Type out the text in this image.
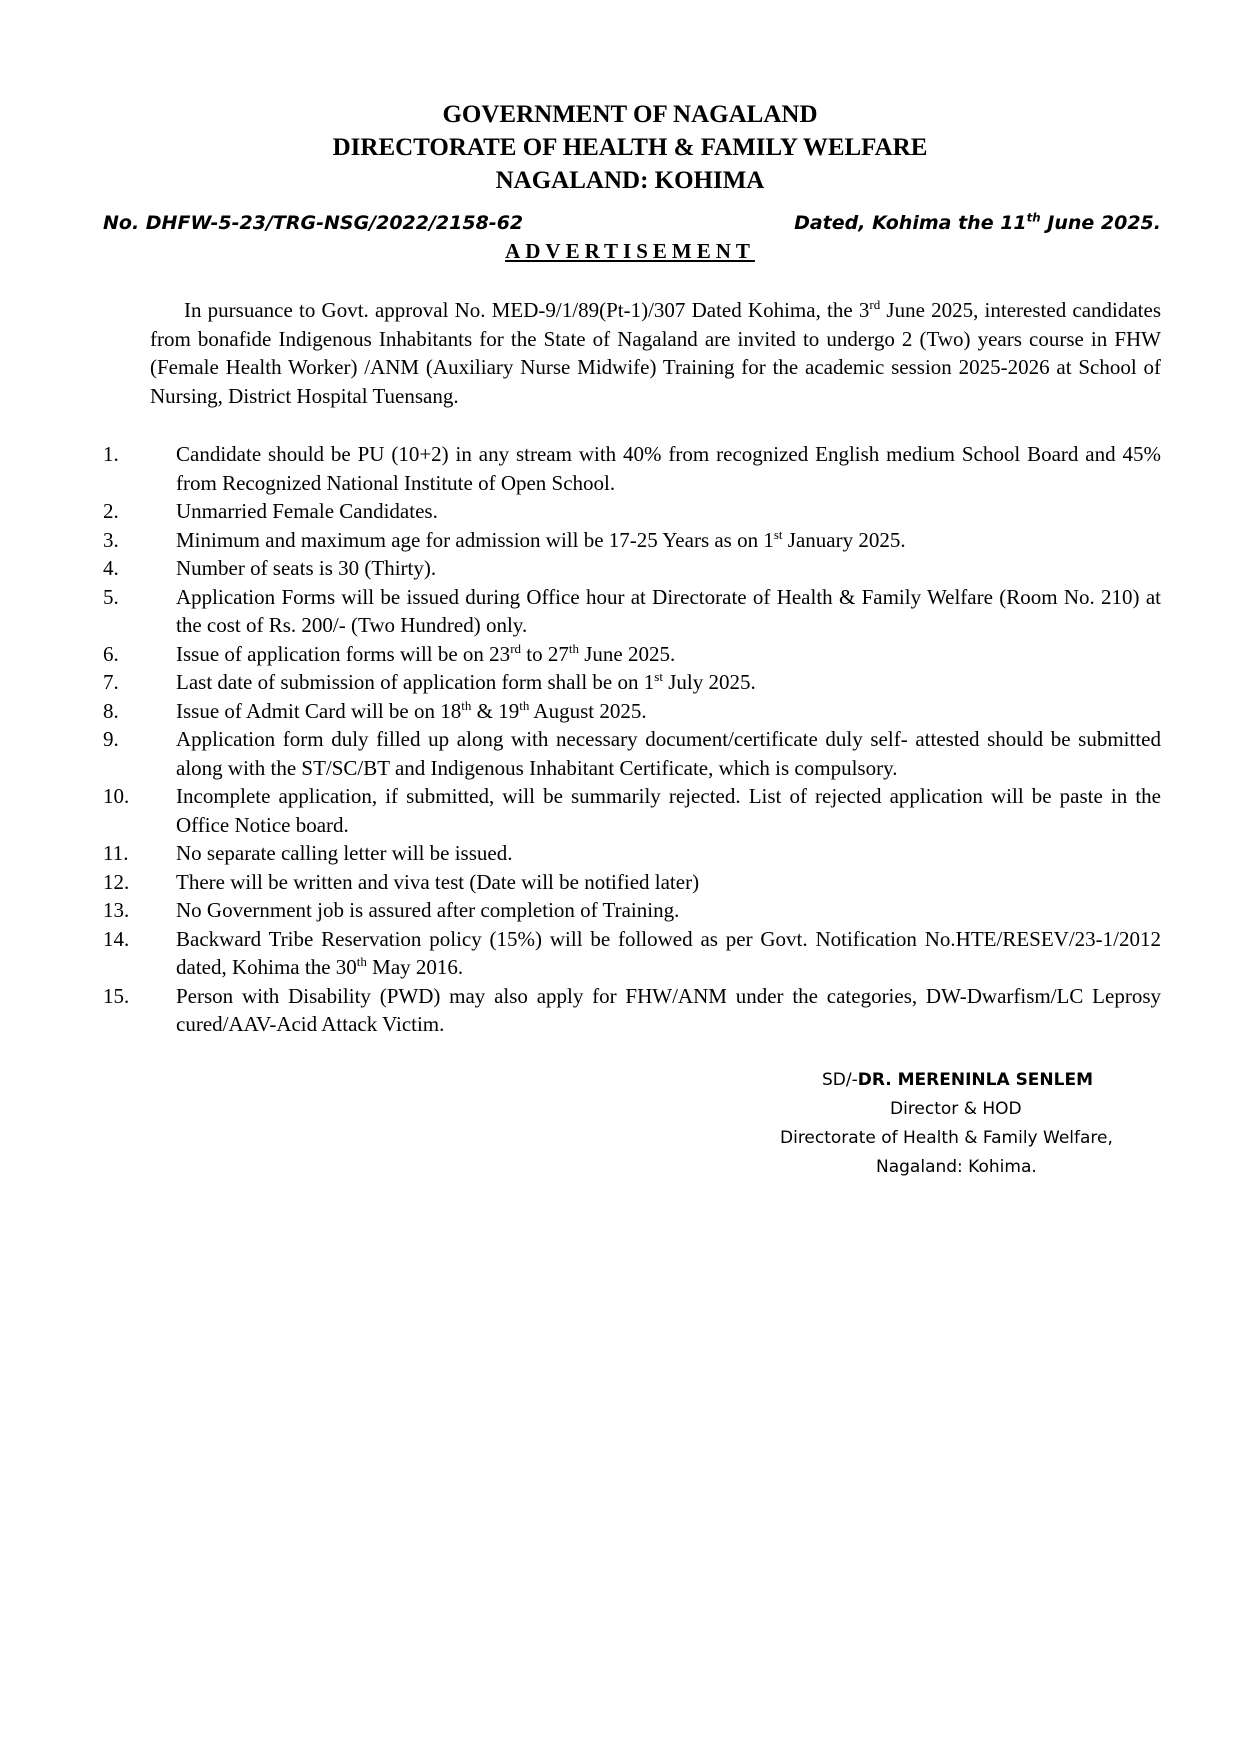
GOVERNMENT OF NAGALAND
DIRECTORATE OF HEALTH & FAMILY WELFARE
NAGALAND: KOHIMA
No. DHFW-5-23/TRG-NSG/2022/2158-62	Dated, Kohima the 11th June 2025.
ADVERTISEMENT

In pursuance to Govt. approval No. MED-9/1/89(Pt-1)/307 Dated Kohima, the 3rd June 2025, interested candidates from bonafide Indigenous Inhabitants for the State of Nagaland are invited to undergo 2 (Two) years course in FHW (Female Health Worker) /ANM (Auxiliary Nurse Midwife) Training for the academic session 2025-2026 at School of Nursing, District Hospital Tuensang.

1.	Candidate should be PU (10+2) in any stream with 40% from recognized English medium School Board and 45% from Recognized National Institute of Open School.
2.	Unmarried Female Candidates.
3.	Minimum and maximum age for admission will be 17-25 Years as on 1st January 2025.
4.	Number of seats is 30 (Thirty).
5.	Application Forms will be issued during Office hour at Directorate of Health & Family Welfare (Room No. 210) at the cost of Rs. 200/- (Two Hundred) only.
6.	Issue of application forms will be on 23rd to 27th June 2025.
7.	Last date of submission of application form shall be on 1st July 2025.
8.	Issue of Admit Card will be on 18th & 19th August 2025.
9.	Application form duly filled up along with necessary document/certificate duly self- attested should be submitted along with the ST/SC/BT and Indigenous Inhabitant Certificate, which is compulsory.
10. Incomplete application, if submitted, will be summarily rejected. List of rejected application will be paste in the Office Notice board.
11. No separate calling letter will be issued.
12. There will be written and viva test (Date will be notified later)
13. No Government job is assured after completion of Training.
14. Backward Tribe Reservation policy (15%) will be followed as per Govt. Notification No.HTE/RESEV/23-1/2012 dated, Kohima the 30th May 2016.
15. Person with Disability (PWD) may also apply for FHW/ANM under the categories, DW-Dwarfism/LC Leprosy cured/AAV-Acid Attack Victim.
SD/-DR. MERENINLA SENLEM
Director & HOD
Directorate of Health & Family Welfare,
Nagaland: Kohima.
